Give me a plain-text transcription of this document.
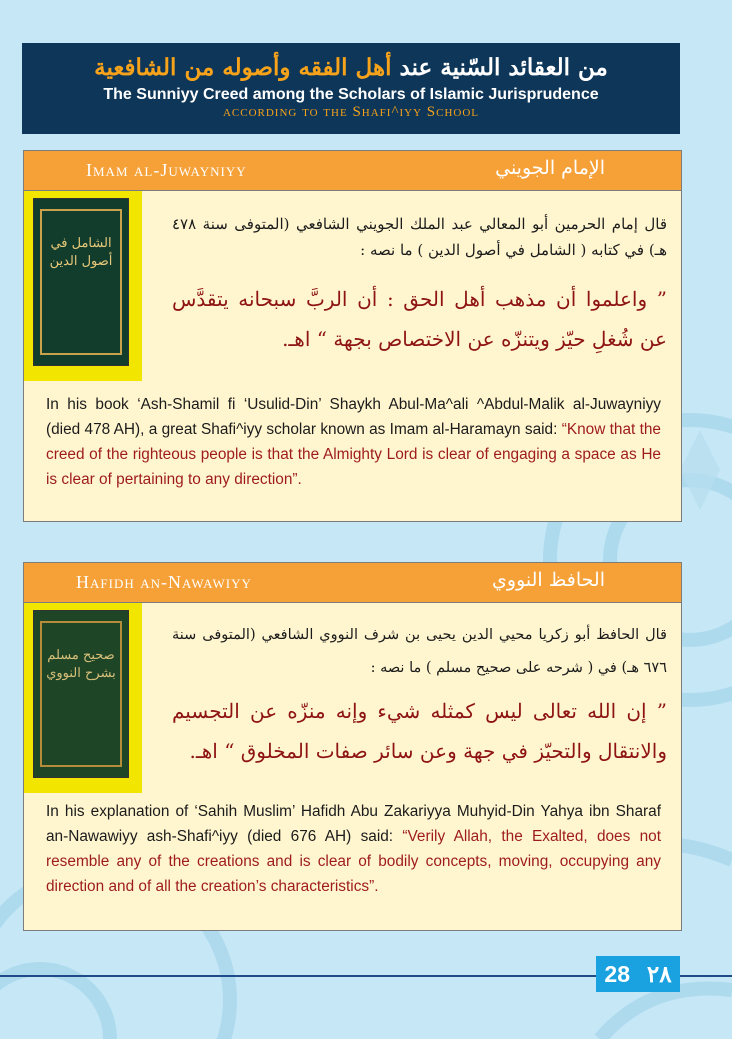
من العقائد السّنية عند أهل الفقه وأصوله من الشافعية
The Sunniyy Creed among the Scholars of Islamic Jurisprudence
according to the Shafi^iyy School
Imam al-Juwayniyy	الإمام الجويني
الشامل في أصول الدين
قال إمام الحرمين أبو المعالي عبد الملك الجويني الشافعي (المتوفى سنة ٤٧٨ هـ) في كتابه ( الشامل في أصول الدين ) ما نصه :
” واعلموا أن مذهب أهل الحق : أن الربَّ سبحانه يتقدَّس عن شُغلِ حيّز ويتنزّه عن الاختصاص بجهة “ اهـ.
In his book ‘Ash-Shamil fi ‘Usulid-Din’ Shaykh Abul-Ma^ali ^Abdul-Malik al-Juwayniyy (died 478 AH), a great Shafi^iyy scholar known as Imam al-Haramayn said: “Know that the creed of the righteous people is that the Almighty Lord is clear of engaging a space as He is clear of pertaining to any direction”.
Hafidh an-Nawawiyy	الحافظ النووي
صحيح مسلم بشرح النووي
قال الحافظ أبو زكريا محيي الدين يحيى بن شرف النووي الشافعي (المتوفى سنة ٦٧٦ هـ) في ( شرحه على صحيح مسلم ) ما نصه :
” إن الله تعالى ليس كمثله شيء وإنه منزّه عن التجسيم والانتقال والتحيّز في جهة وعن سائر صفات المخلوق “ اهـ.
In his explanation of ‘Sahih Muslim’ Hafidh Abu Zakariyya Muhyid-Din Yahya ibn Sharaf an-Nawawiyy ash-Shafi^iyy (died 676 AH) said: “Verily Allah, the Exalted, does not resemble any of the creations and is clear of bodily concepts, moving, occupying any direction and of all the creation’s characteristics”.
28 ٢٨
